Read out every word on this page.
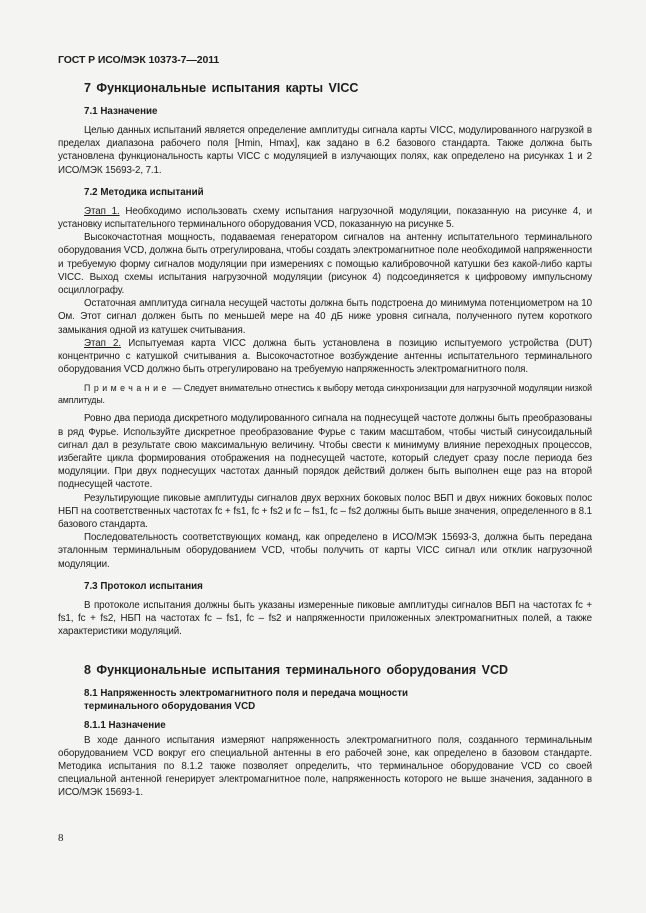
ГОСТ Р ИСО/МЭК 10373-7—2011
7 Функциональные испытания карты VICC
7.1 Назначение

Целью данных испытаний является определение амплитуды сигнала карты VICC, модулированного нагрузкой в пределах диапазона рабочего поля [Hmin, Hmax], как задано в 6.2 базового стандарта. Также должна быть установлена функциональность карты VICC с модуляцией в излучающих полях, как определено на рисунках 1 и 2 ИСО/МЭК 15693-2, 7.1.

7.2 Методика испытаний

Этап 1. Необходимо использовать схему испытания нагрузочной модуляции, показанную на рисунке 4, и установку испытательного терминального оборудования VCD, показанную на рисунке 5.

Высокочастотная мощность, подаваемая генератором сигналов на антенну испытательного терминального оборудования VCD, должна быть отрегулирована, чтобы создать электромагнитное поле необходимой напряженности и требуемую форму сигналов модуляции при измерениях с помощью калибровочной катушки без какой-либо карты VICC. Выход схемы испытания нагрузочной модуляции (рисунок 4) подсоединяется к цифровому импульсному осциллографу.

Остаточная амплитуда сигнала несущей частоты должна быть подстроена до минимума потенциометром на 10 Ом. Этот сигнал должен быть по меньшей мере на 40 дБ ниже уровня сигнала, полученного путем короткого замыкания одной из катушек считывания.

Этап 2. Испытуемая карта VICC должна быть установлена в позицию испытуемого устройства (DUT) концентрично с катушкой считывания a. Высокочастотное возбуждение антенны испытательного терминального оборудования VCD должно быть отрегулировано на требуемую напряженность электромагнитного поля.

Примечание — Следует внимательно отнестись к выбору метода синхронизации для нагрузочной модуляции низкой амплитуды.

Ровно два периода дискретного модулированного сигнала на поднесущей частоте должны быть преобразованы в ряд Фурье. Используйте дискретное преобразование Фурье с таким масштабом, чтобы чистый синусоидальный сигнал дал в результате свою максимальную величину. Чтобы свести к минимуму влияние переходных процессов, избегайте цикла формирования отображения на поднесущей частоте, который следует сразу после периода без модуляции. При двух поднесущих частотах данный порядок действий должен быть выполнен еще раз на второй поднесущей частоте.

Результирующие пиковые амплитуды сигналов двух верхних боковых полос ВБП и двух нижних боковых полос НБП на соответственных частотах fc + fs1, fc + fs2 и fc – fs1, fc – fs2 должны быть выше значения, определенного в 8.1 базового стандарта.

Последовательность соответствующих команд, как определено в ИСО/МЭК 15693-3, должна быть передана эталонным терминальным оборудованием VCD, чтобы получить от карты VICC сигнал или отклик нагрузочной модуляции.

7.3 Протокол испытания

В протоколе испытания должны быть указаны измеренные пиковые амплитуды сигналов ВБП на частотах fc + fs1, fc + fs2, НБП на частотах fc – fs1, fc – fs2 и напряженности приложенных электромагнитных полей, а также характеристики модуляций.

8 Функциональные испытания терминального оборудования VCD
8.1 Напряженность электромагнитного поля и передача мощности
терминального оборудования VCD
8.1.1 Назначение

В ходе данного испытания измеряют напряженность электромагнитного поля, созданного терминальным оборудованием VCD вокруг его специальной антенны в его рабочей зоне, как определено в базовом стандарте. Методика испытания по 8.1.2 также позволяет определить, что терминальное оборудование VCD со своей специальной антенной генерирует электромагнитное поле, напряженность которого не выше значения, заданного в ИСО/МЭК 15693-1.

8
